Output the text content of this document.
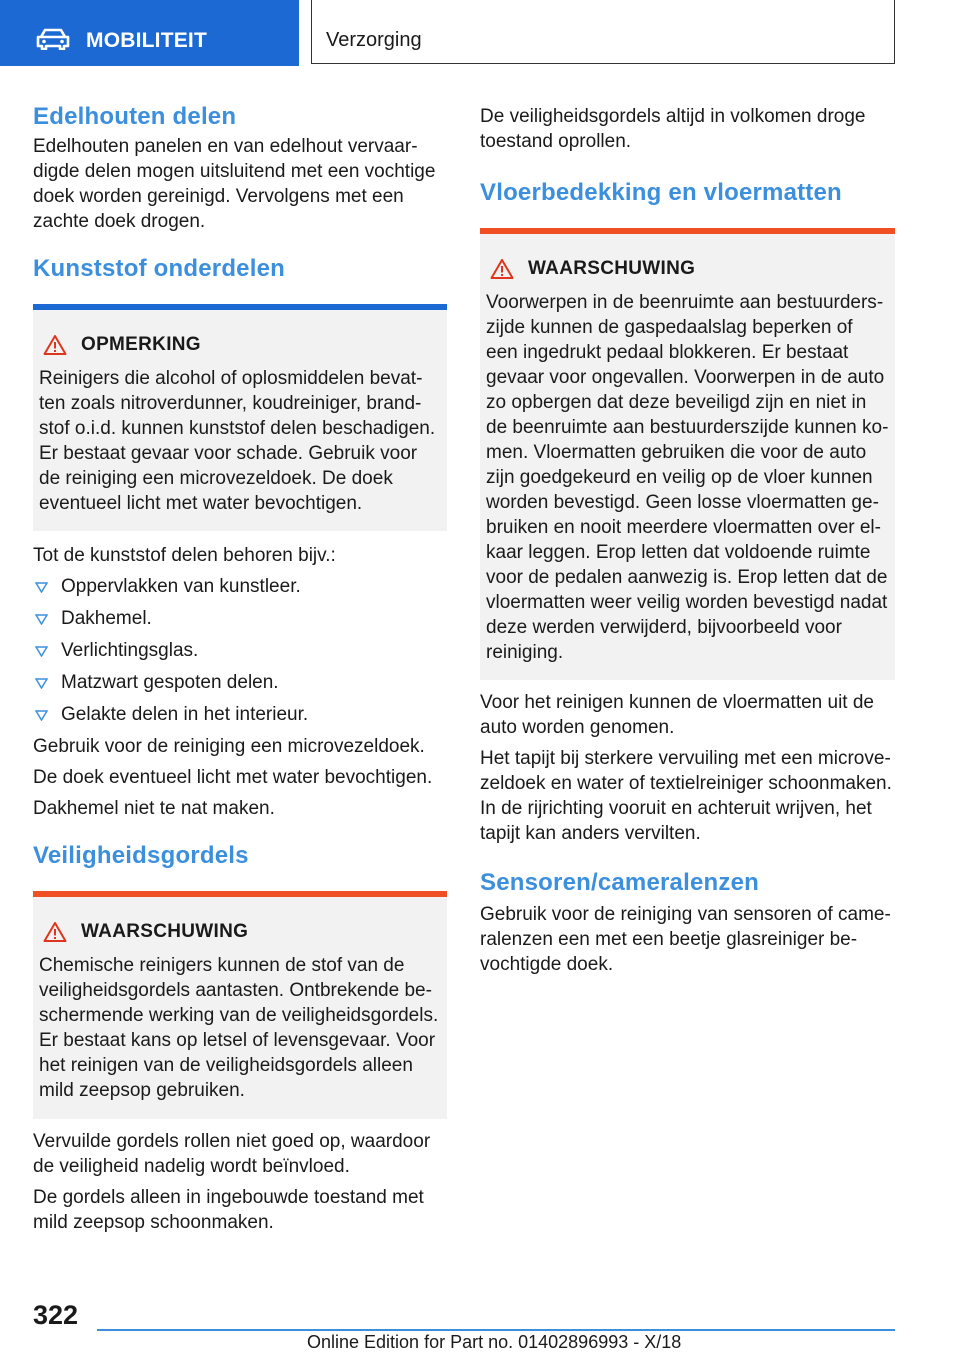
MOBILITEIT	Verzorging
Edelhouten delen

Edelhouten panelen en van edelhout vervaardigde delen mogen uitsluitend met een vochtige doek worden gereinigd. Vervolgens met een zachte doek drogen.

Kunststof onderdelen
OPMERKING
Reinigers die alcohol of oplosmiddelen bevatten zoals nitroverdunner, koudreiniger, brandstof o.i.d. kunnen kunststof delen beschadigen. Er bestaat gevaar voor schade. Gebruik voor de reiniging een microvezeldoek. De doek eventueel licht met water bevochtigen.

Tot de kunststof delen behoren bijv.:

Oppervlakken van kunstleer.
Dakhemel.
Verlichtingsglas.
Matzwart gespoten delen.
Gelakte delen in het interieur.

Gebruik voor de reiniging een microvezeldoek.

De doek eventueel licht met water bevochtigen.

Dakhemel niet te nat maken.

Veiligheidsgordels
WAARSCHUWING
Chemische reinigers kunnen de stof van de veiligheidsgordels aantasten. Ontbrekende beschermende werking van de veiligheidsgordels. Er bestaat kans op letsel of levensgevaar. Voor het reinigen van de veiligheidsgordels alleen mild zeepsop gebruiken.

Vervuilde gordels rollen niet goed op, waardoor de veiligheid nadelig wordt beïnvloed.

De gordels alleen in ingebouwde toestand met mild zeepsop schoonmaken.

De veiligheidsgordels altijd in volkomen droge toestand oprollen.

Vloerbedekking en vloermatten
WAARSCHUWING
Voorwerpen in de beenruimte aan bestuurderszijde kunnen de gaspedaalslag beperken of een ingedrukt pedaal blokkeren. Er bestaat gevaar voor ongevallen. Voorwerpen in de auto zo opbergen dat deze beveiligd zijn en niet in de beenruimte aan bestuurderszijde kunnen komen. Vloermatten gebruiken die voor de auto zijn goedgekeurd en veilig op de vloer kunnen worden bevestigd. Geen losse vloermatten gebruiken en nooit meerdere vloermatten over elkaar leggen. Erop letten dat voldoende ruimte voor de pedalen aanwezig is. Erop letten dat de vloermatten weer veilig worden bevestigd nadat deze werden verwijderd, bijvoorbeeld voor reiniging.

Voor het reinigen kunnen de vloermatten uit de auto worden genomen.

Het tapijt bij sterkere vervuiling met een microvezeldoek en water of textielreiniger schoonmaken. In de rijrichting vooruit en achteruit wrijven, het tapijt kan anders vervilten.

Sensoren/cameralenzen

Gebruik voor de reiniging van sensoren of cameralenzen een met een beetje glasreiniger bevochtigde doek.

322
Online Edition for Part no. 01402896993 - X/18
